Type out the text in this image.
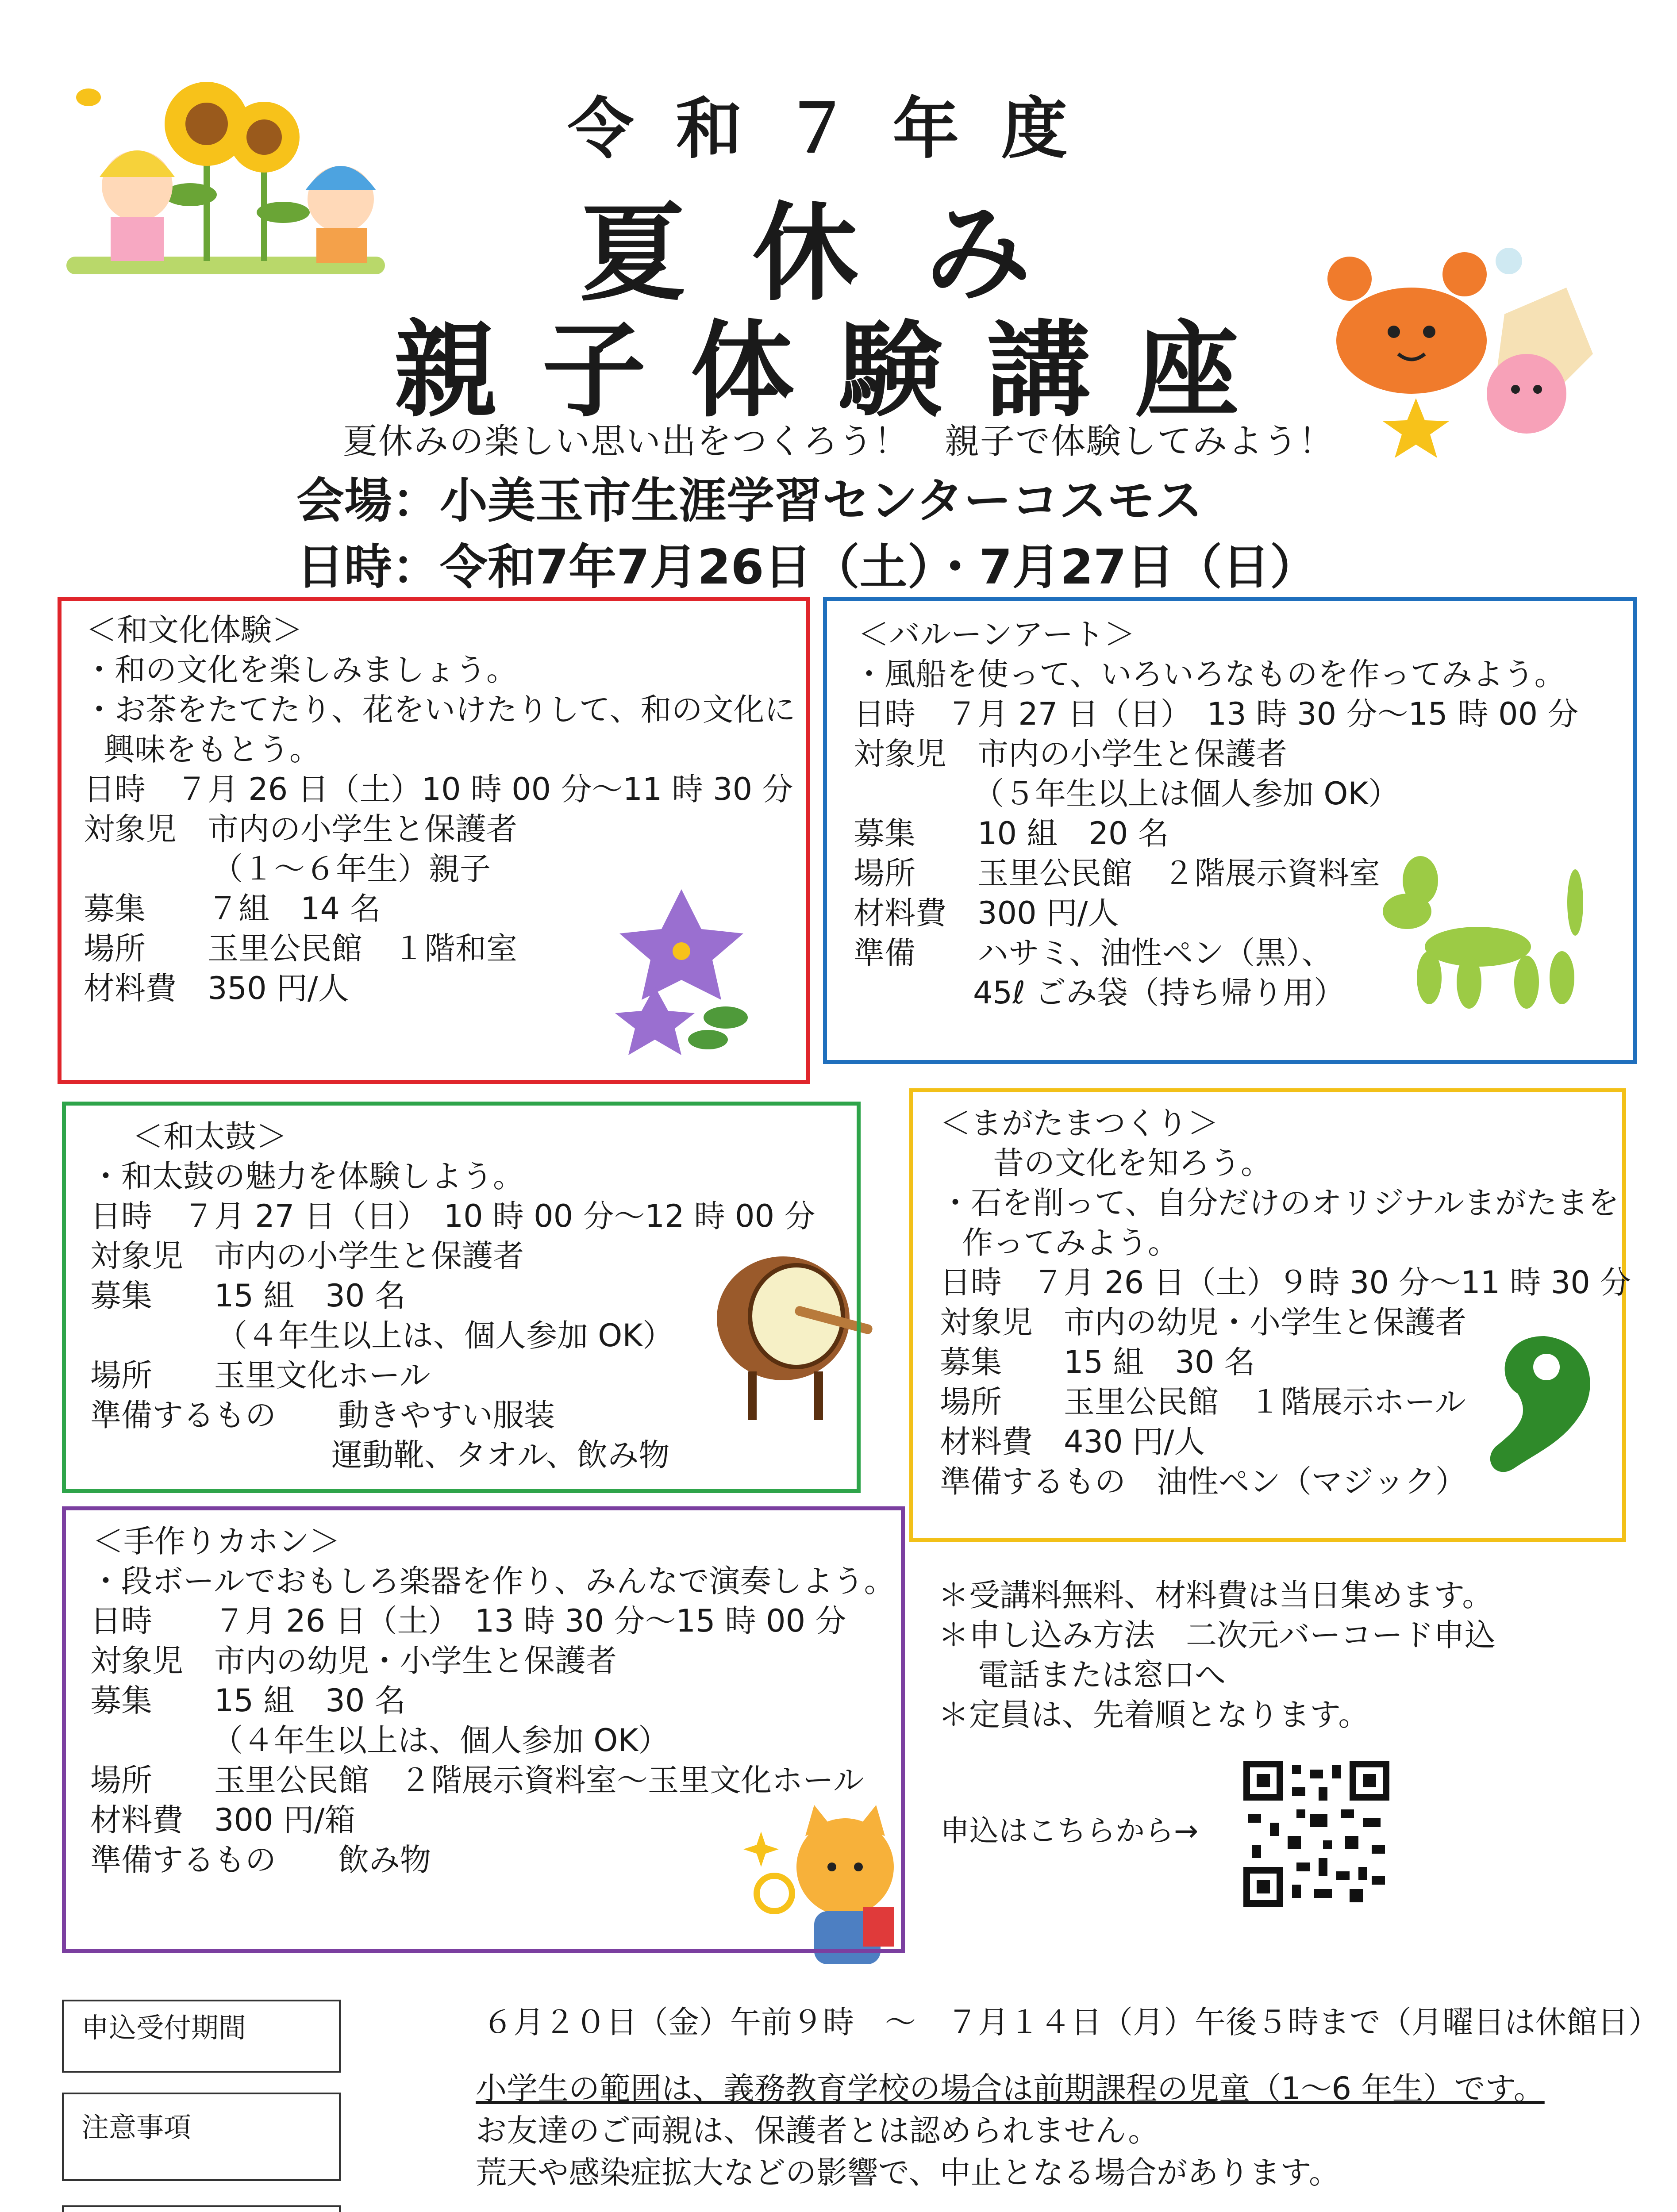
令和７年度
夏休み
親子体験講座
夏休みの楽しい思い出をつくろう！　親子で体験してみよう！
会場：小美玉市生涯学習センターコスモス
日時：令和7年7月26日（土）・7月27日（日）
＜和文化体験＞
・和の文化を楽しみましょう。
・お茶をたてたり、花をいけたりして、和の文化に
興味をもとう。
日時　７月 26 日（土）10 時 00 分～11 時 30 分
対象児　市内の小学生と保護者
（１～６年生）親子
募集　　７組　14 名
場所　　玉里公民館　１階和室
材料費　350 円/人
＜バルーンアート＞
・風船を使って、いろいろなものを作ってみよう。
日時　７月 27 日（日）　13 時 30 分～15 時 00 分
対象児　市内の小学生と保護者
（５年生以上は個人参加 OK）
募集　　10 組　20 名
場所　　玉里公民館　２階展示資料室
材料費　300 円/人
準備　　ハサミ、油性ペン（黒）、
45ℓ ごみ袋（持ち帰り用）
＜和太鼓＞
・和太鼓の魅力を体験しよう。
日時　７月 27 日（日）　10 時 00 分～12 時 00 分
対象児　市内の小学生と保護者
募集　　15 組　30 名
（４年生以上は、個人参加 OK）
場所　　玉里文化ホール
準備するもの　　動きやすい服装
運動靴、タオル、飲み物
＜まがたまつくり＞
昔の文化を知ろう。
・石を削って、自分だけのオリジナルまがたまを
作ってみよう。
日時　７月 26 日（土）９時 30 分～11 時 30 分
対象児　市内の幼児・小学生と保護者
募集　　15 組　30 名
場所　　玉里公民館　１階展示ホール
材料費　430 円/人
準備するもの　油性ペン（マジック）
＜手作りカホン＞
・段ボールでおもしろ楽器を作り、みんなで演奏しよう。
日時　　７月 26 日（土）　13 時 30 分～15 時 00 分
対象児　市内の幼児・小学生と保護者
募集　　15 組　30 名
（４年生以上は、個人参加 OK）
場所　　玉里公民館　２階展示資料室～玉里文化ホール
材料費　300 円/箱
準備するもの　　飲み物
＊受講料無料、材料費は当日集めます。
＊申し込み方法　二次元バーコード申込
電話または窓口へ
＊定員は、先着順となります。
申込はこちらから→
申込受付期間
注意事項
６月２０日（金）午前９時　～　７月１４日（月）午後５時まで（月曜日は休館日）
小学生の範囲は、義務教育学校の場合は前期課程の児童（1～6 年生）です。
お友達のご両親は、保護者とは認められません。
荒天や感染症拡大などの影響で、中止となる場合があります。
